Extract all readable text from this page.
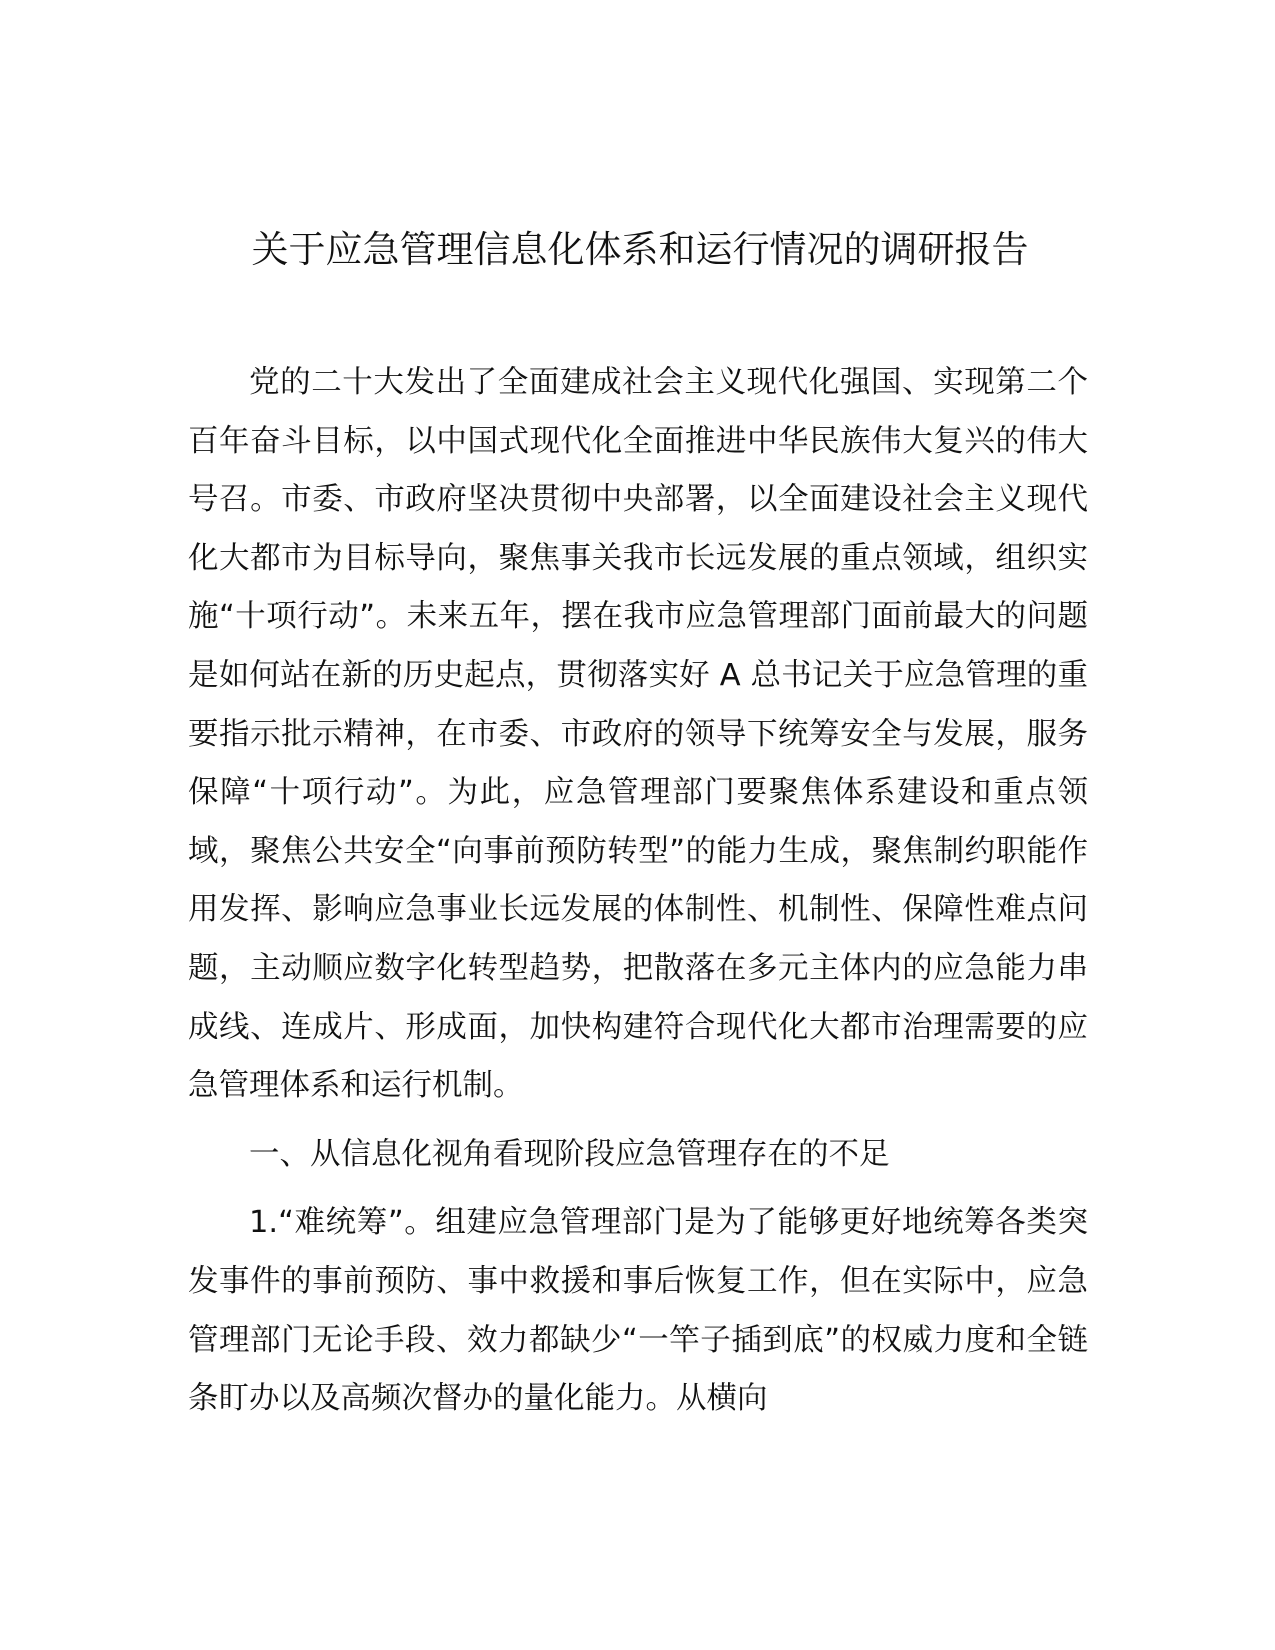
关于应急管理信息化体系和运行情况的调研报告

党的二十大发出了全面建成社会主义现代化强国、实现第二个百年奋斗目标，以中国式现代化全面推进中华民族伟大复兴的伟大号召。市委、市政府坚决贯彻中央部署，以全面建设社会主义现代化大都市为目标导向，聚焦事关我市长远发展的重点领域，组织实施“十项行动”。未来五年，摆在我市应急管理部门面前最大的问题是如何站在新的历史起点，贯彻落实好 A 总书记关于应急管理的重要指示批示精神，在市委、市政府的领导下统筹安全与发展，服务保障“十项行动”。为此，应急管理部门要聚焦体系建设和重点领域，聚焦公共安全“向事前预防转型”的能力生成，聚焦制约职能作用发挥、影响应急事业长远发展的体制性、机制性、保障性难点问题，主动顺应数字化转型趋势，把散落在多元主体内的应急能力串成线、连成片、形成面，加快构建符合现代化大都市治理需要的应急管理体系和运行机制。

一、从信息化视角看现阶段应急管理存在的不足

1.“难统筹”。组建应急管理部门是为了能够更好地统筹各类突发事件的事前预防、事中救援和事后恢复工作，但在实际中，应急管理部门无论手段、效力都缺少“一竿子插到底”的权威力度和全链条盯办以及高频次督办的量化能力。从横向
